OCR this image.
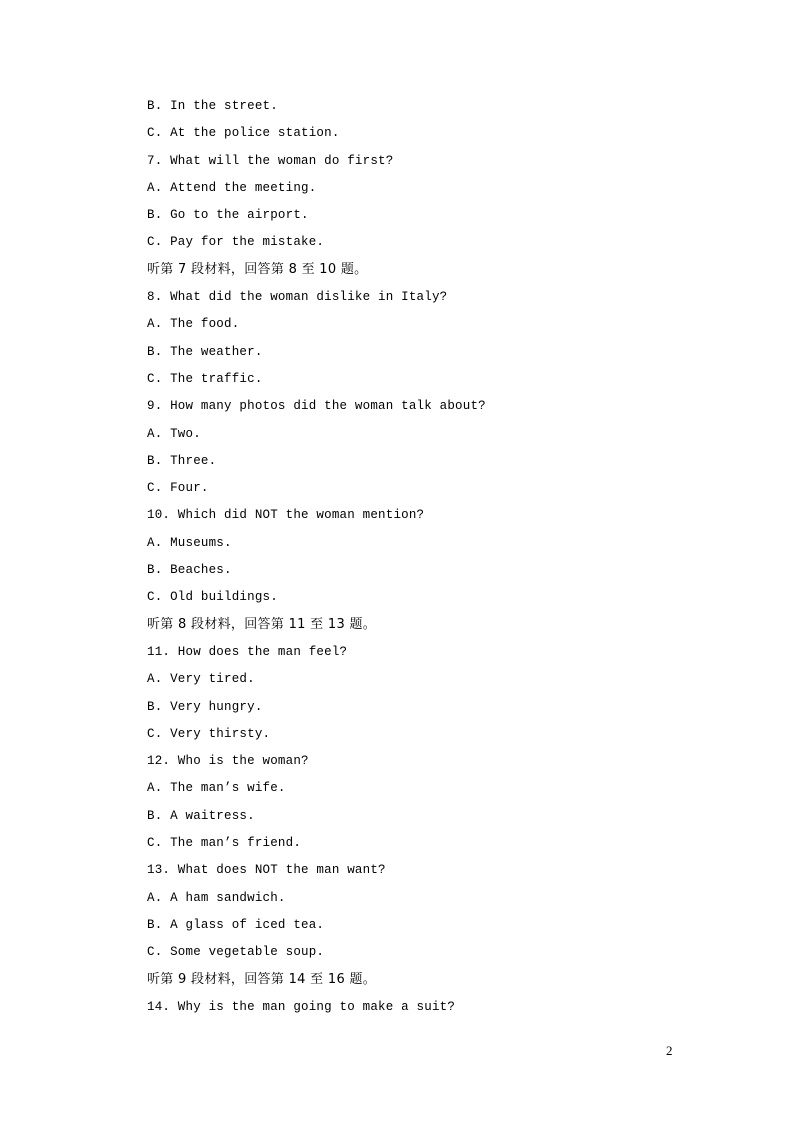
B. In the street.
C. At the police station.
7. What will the woman do first?
A. Attend the meeting.
B. Go to the airport.
C. Pay for the mistake.
听第 7 段材料，回答第 8 至 10 题。
8. What did the woman dislike in Italy?
A. The food.
B. The weather.
C. The traffic.
9. How many photos did the woman talk about?
A. Two.
B. Three.
C. Four.
10. Which did NOT the woman mention?
A. Museums.
B. Beaches.
C. Old buildings.
听第 8 段材料，回答第 11 至 13 题。
11. How does the man feel?
A. Very tired.
B. Very hungry.
C. Very thirsty.
12. Who is the woman?
A. The man’s wife.
B. A waitress.
C. The man’s friend.
13. What does NOT the man want?
A. A ham sandwich.
B. A glass of iced tea.
C. Some vegetable soup.
听第 9 段材料，回答第 14 至 16 题。
14. Why is the man going to make a suit?
2
